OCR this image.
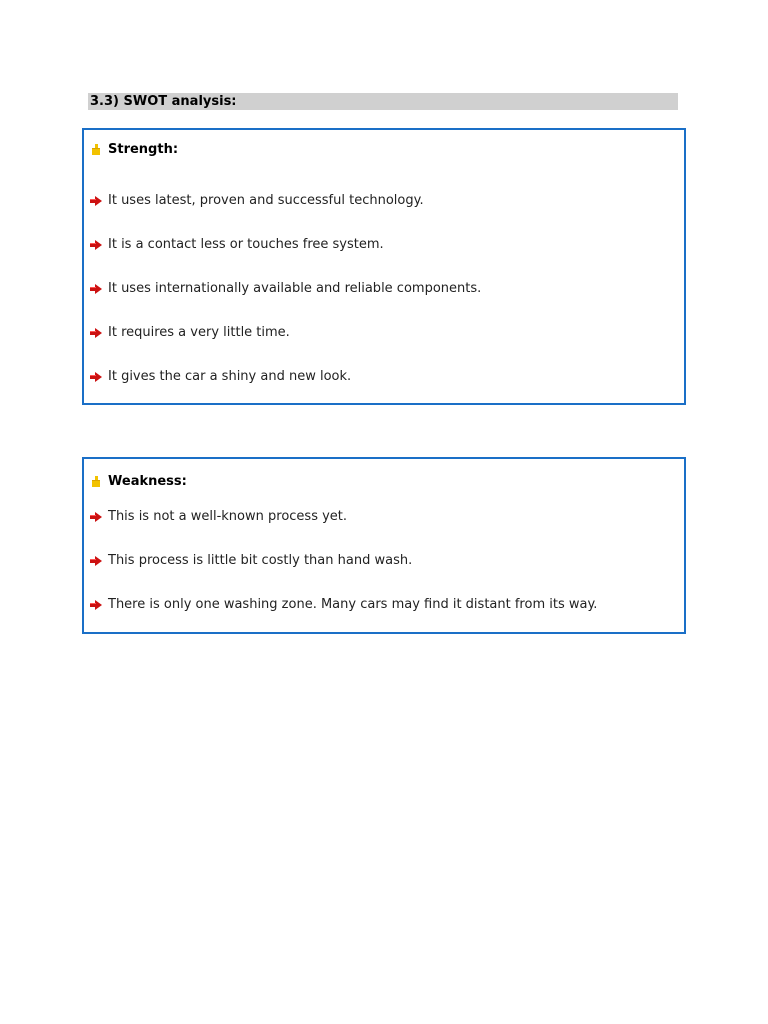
3.3) SWOT analysis:
Strength:
It uses latest, proven and successful technology.
It is a contact less or touches free system.
It uses internationally available and reliable components.
It requires a very little time.
It gives the car a shiny and new look.
Weakness:
This is not a well-known process yet.
This process is little bit costly than hand wash.
There is only one washing zone. Many cars may find it distant from its way.
